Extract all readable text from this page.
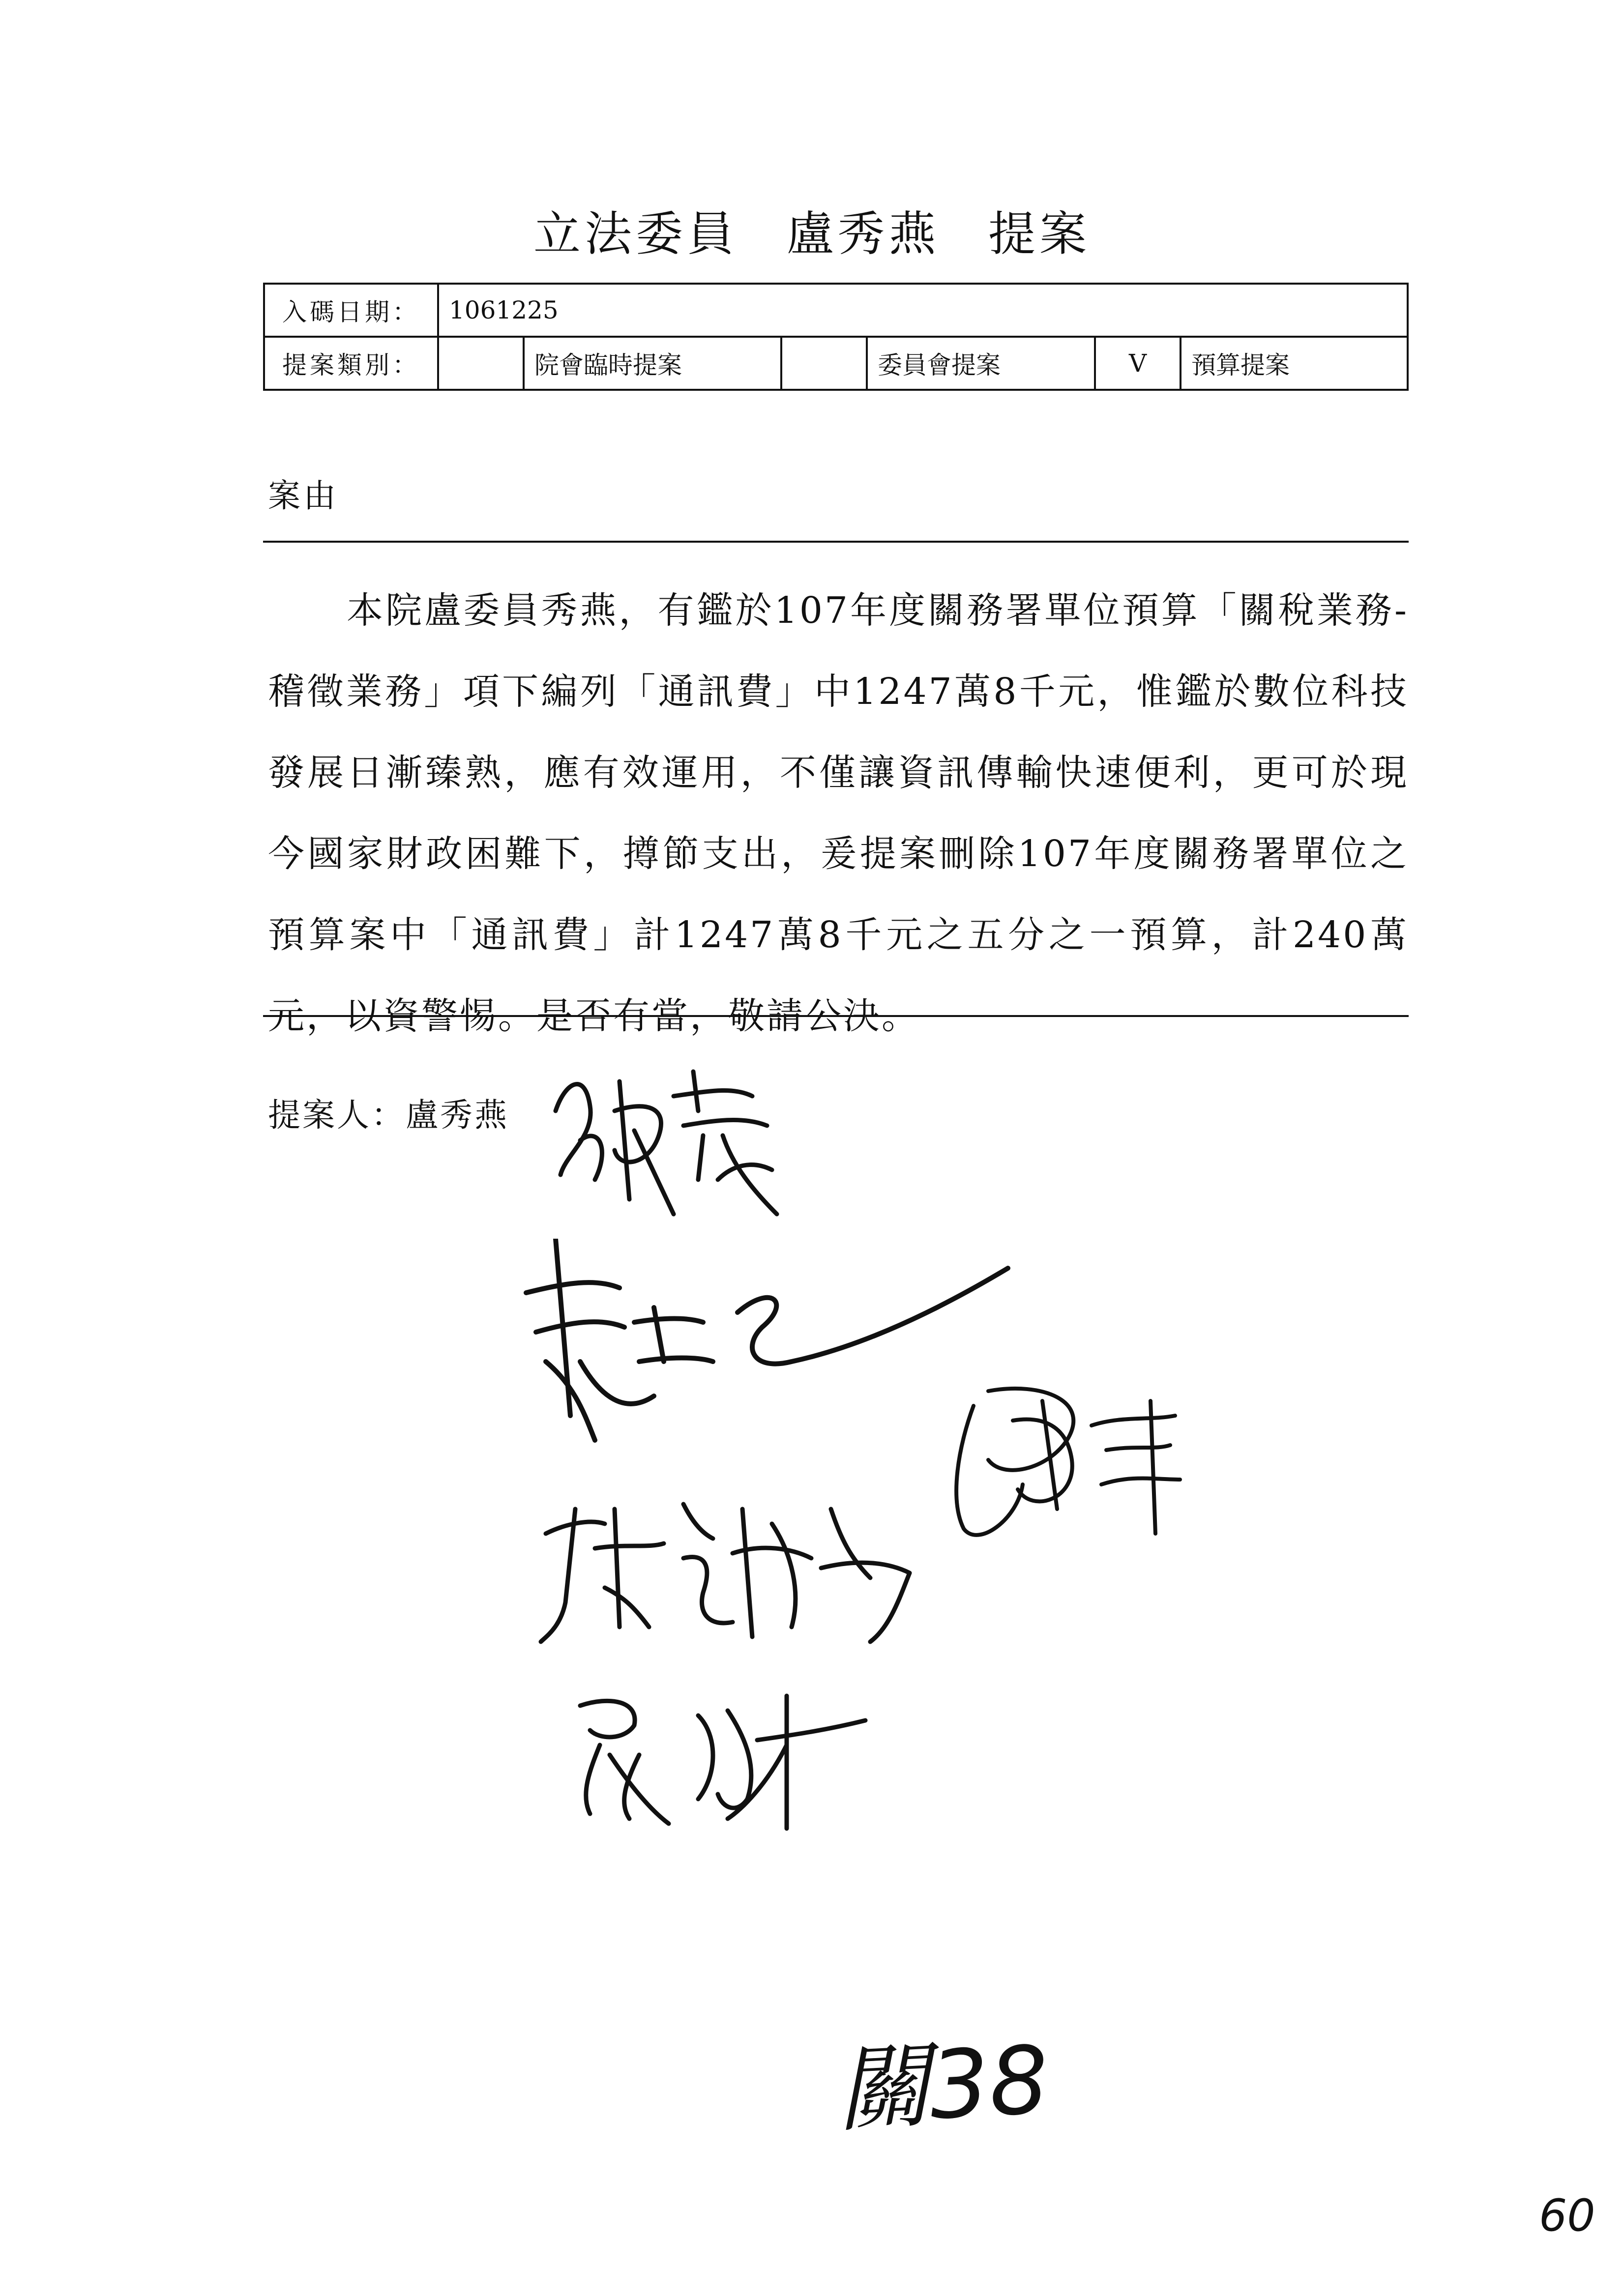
立法委員 盧秀燕 提案
入碼日期：	1061225					
提案類別：		院會臨時提案		委員會提案	V	預算提案
案由
本院盧委員秀燕，有鑑於107年度關務署單位預算「關稅業務-稽徵業務」項下編列「通訊費」中1247萬8千元，惟鑑於數位科技發展日漸臻熟，應有效運用，不僅讓資訊傳輸快速便利，更可於現今國家財政困難下，撙節支出，爰提案刪除107年度關務署單位之預算案中「通訊費」計1247萬8千元之五分之一預算，計240萬元，以資警惕。是否有當，敬請公決。
提案人：盧秀燕
關38
60
